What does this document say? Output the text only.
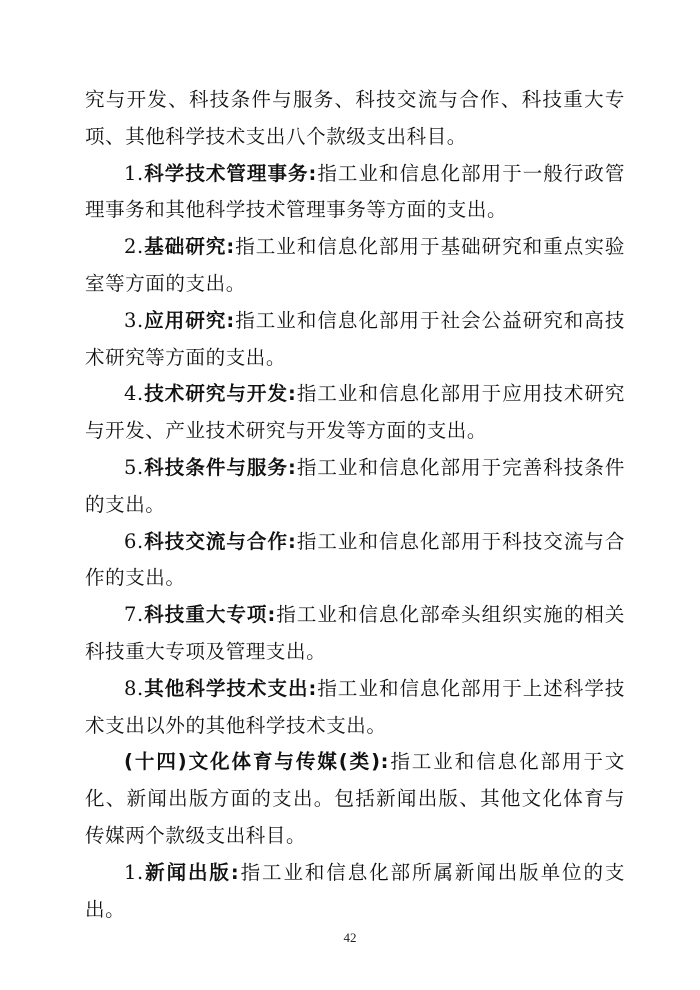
究与开发、科技条件与服务、科技交流与合作、科技重大专项、其他科学技术支出八个款级支出科目。

1.科学技术管理事务:指工业和信息化部用于一般行政管理事务和其他科学技术管理事务等方面的支出。

2.基础研究:指工业和信息化部用于基础研究和重点实验室等方面的支出。

3.应用研究:指工业和信息化部用于社会公益研究和高技术研究等方面的支出。

4.技术研究与开发:指工业和信息化部用于应用技术研究与开发、产业技术研究与开发等方面的支出。

5.科技条件与服务:指工业和信息化部用于完善科技条件的支出。

6.科技交流与合作:指工业和信息化部用于科技交流与合作的支出。

7.科技重大专项:指工业和信息化部牵头组织实施的相关科技重大专项及管理支出。

8.其他科学技术支出:指工业和信息化部用于上述科学技术支出以外的其他科学技术支出。

(十四)文化体育与传媒(类):指工业和信息化部用于文化、新闻出版方面的支出。包括新闻出版、其他文化体育与传媒两个款级支出科目。

1.新闻出版:指工业和信息化部所属新闻出版单位的支出。

42
